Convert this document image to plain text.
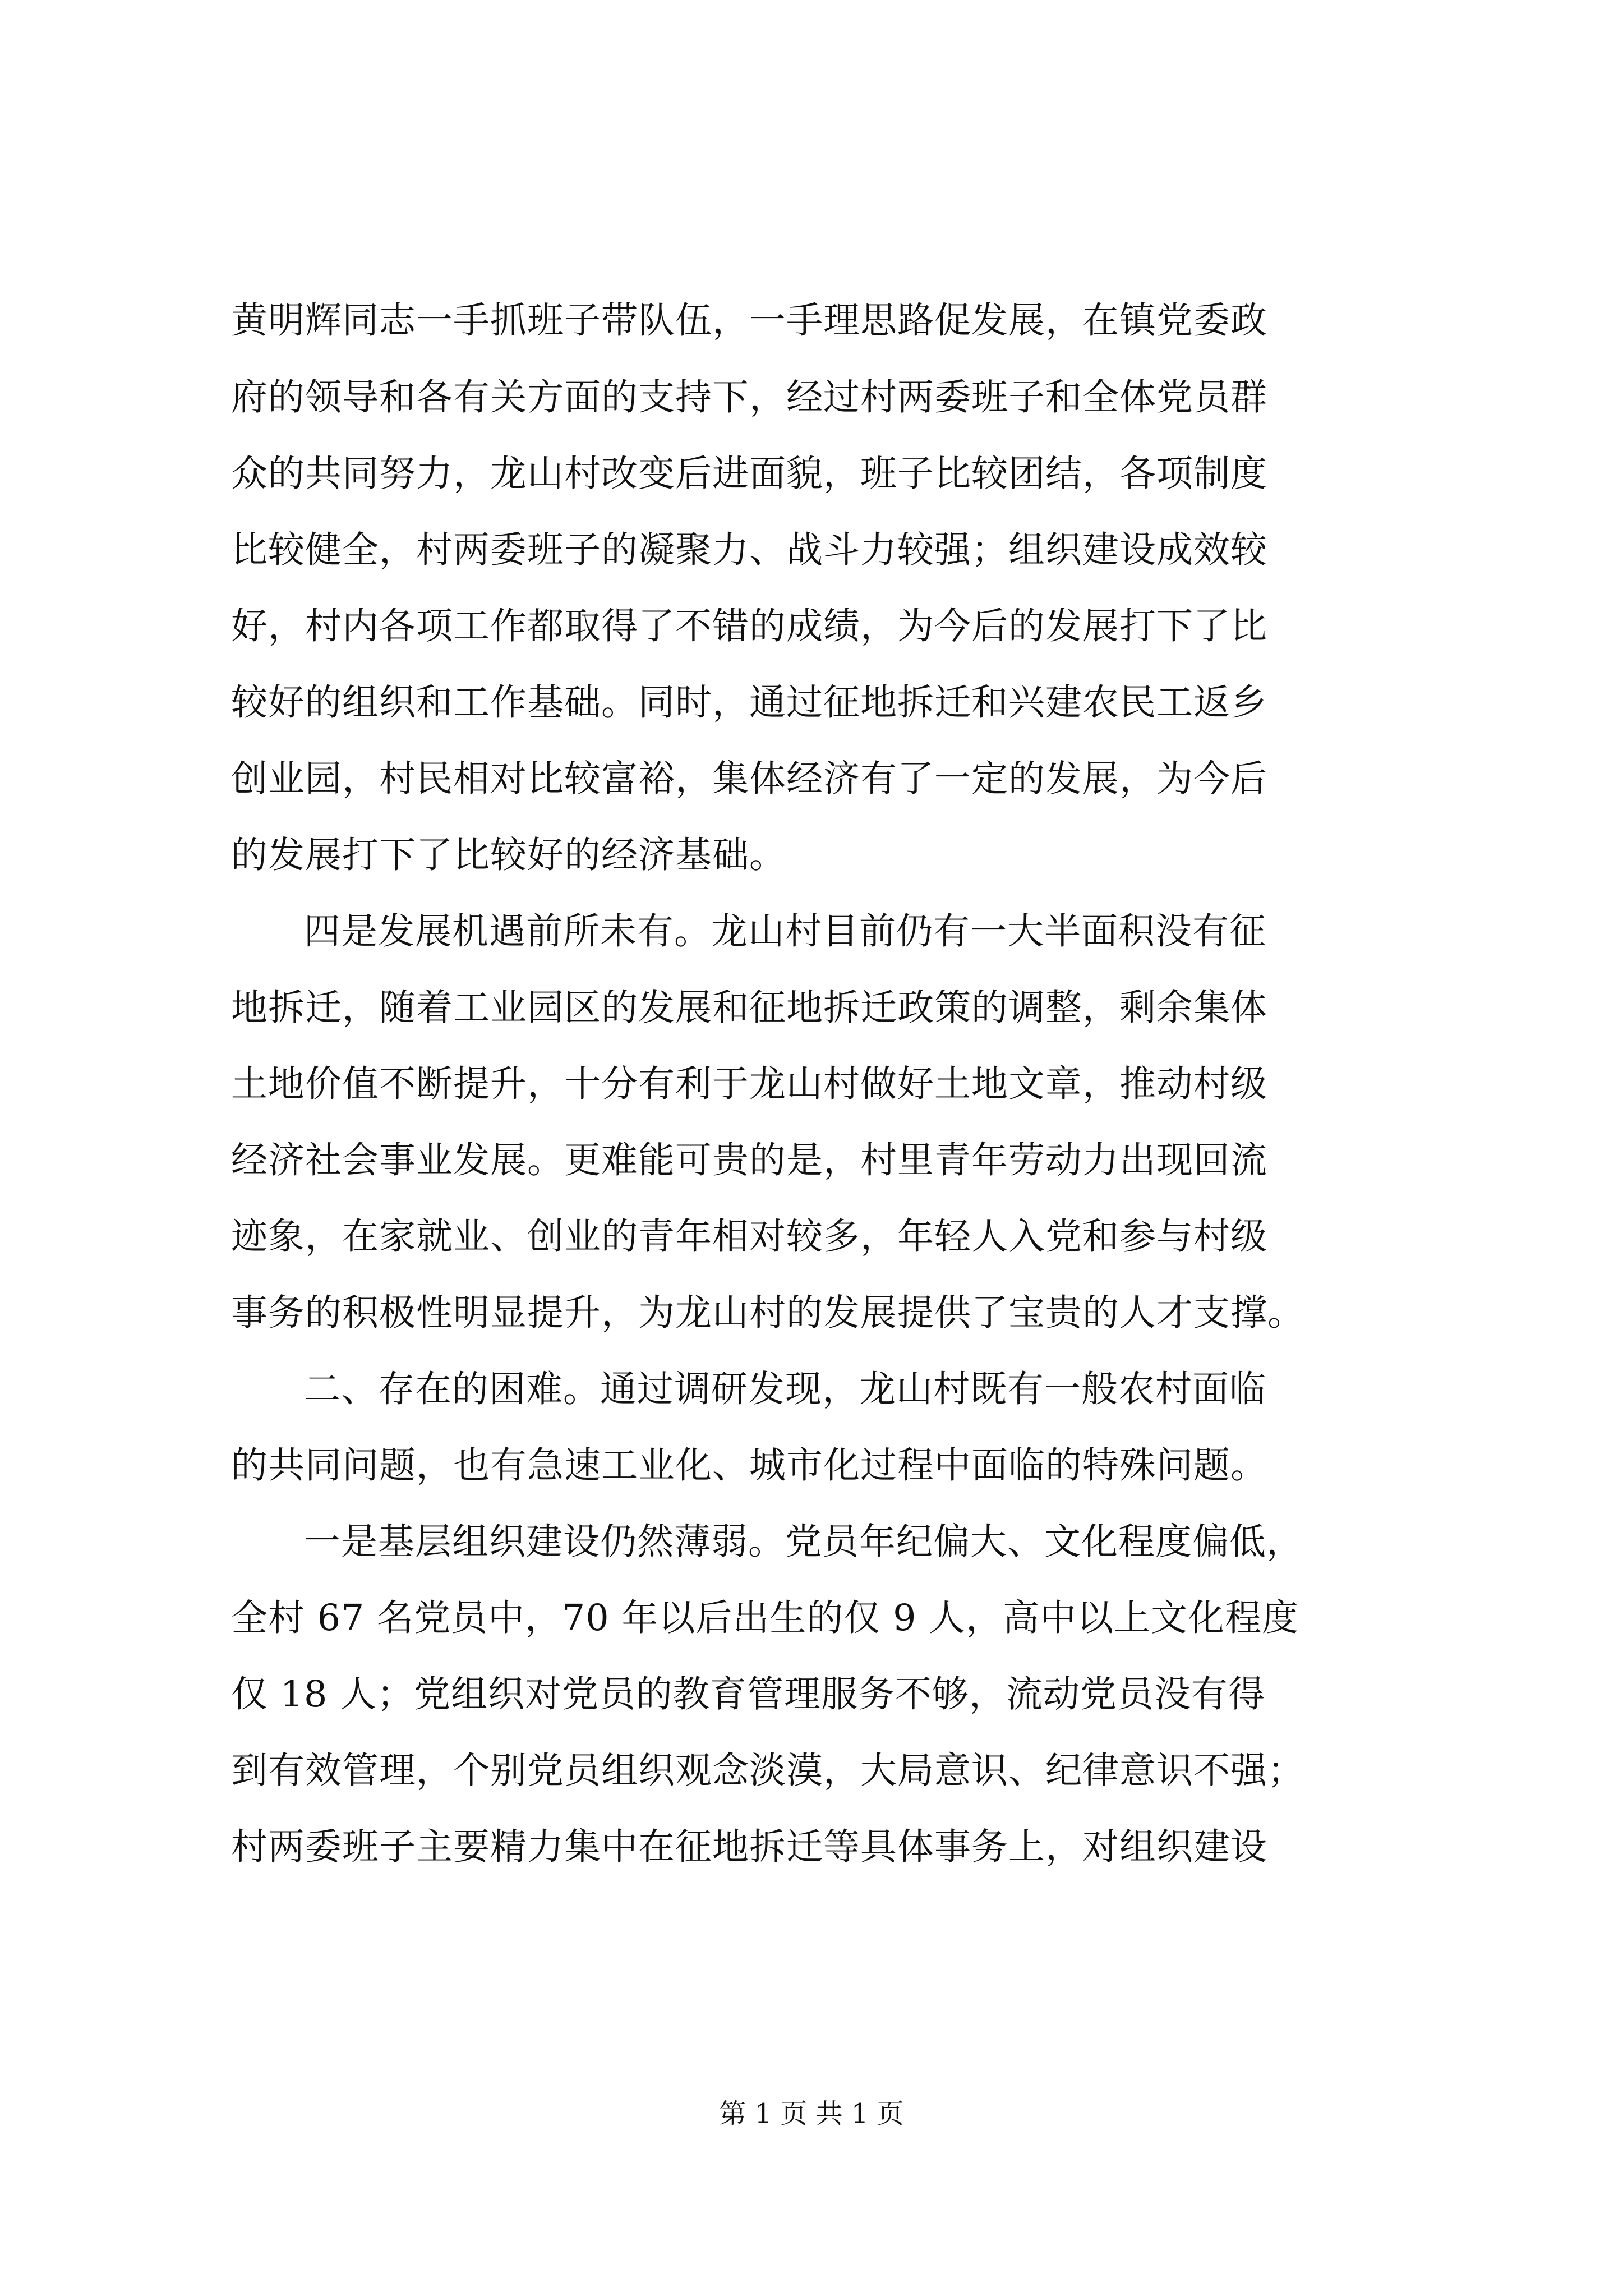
黄明辉同志一手抓班子带队伍，一手理思路促发展，在镇党委政
府的领导和各有关方面的支持下，经过村两委班子和全体党员群
众的共同努力，龙山村改变后进面貌，班子比较团结，各项制度
比较健全，村两委班子的凝聚力、战斗力较强；组织建设成效较
好，村内各项工作都取得了不错的成绩，为今后的发展打下了比
较好的组织和工作基础。同时，通过征地拆迁和兴建农民工返乡
创业园，村民相对比较富裕，集体经济有了一定的发展，为今后
的发展打下了比较好的经济基础。
四是发展机遇前所未有。龙山村目前仍有一大半面积没有征
地拆迁，随着工业园区的发展和征地拆迁政策的调整，剩余集体
土地价值不断提升，十分有利于龙山村做好土地文章，推动村级
经济社会事业发展。更难能可贵的是，村里青年劳动力出现回流
迹象，在家就业、创业的青年相对较多，年轻人入党和参与村级
事务的积极性明显提升，为龙山村的发展提供了宝贵的人才支撑。
二、存在的困难。通过调研发现，龙山村既有一般农村面临
的共同问题，也有急速工业化、城市化过程中面临的特殊问题。
一是基层组织建设仍然薄弱。党员年纪偏大、文化程度偏低，
全村 67 名党员中，70 年以后出生的仅 9 人，高中以上文化程度
仅 18 人；党组织对党员的教育管理服务不够，流动党员没有得
到有效管理，个别党员组织观念淡漠，大局意识、纪律意识不强；
村两委班子主要精力集中在征地拆迁等具体事务上，对组织建设
第 1 页 共 1 页
